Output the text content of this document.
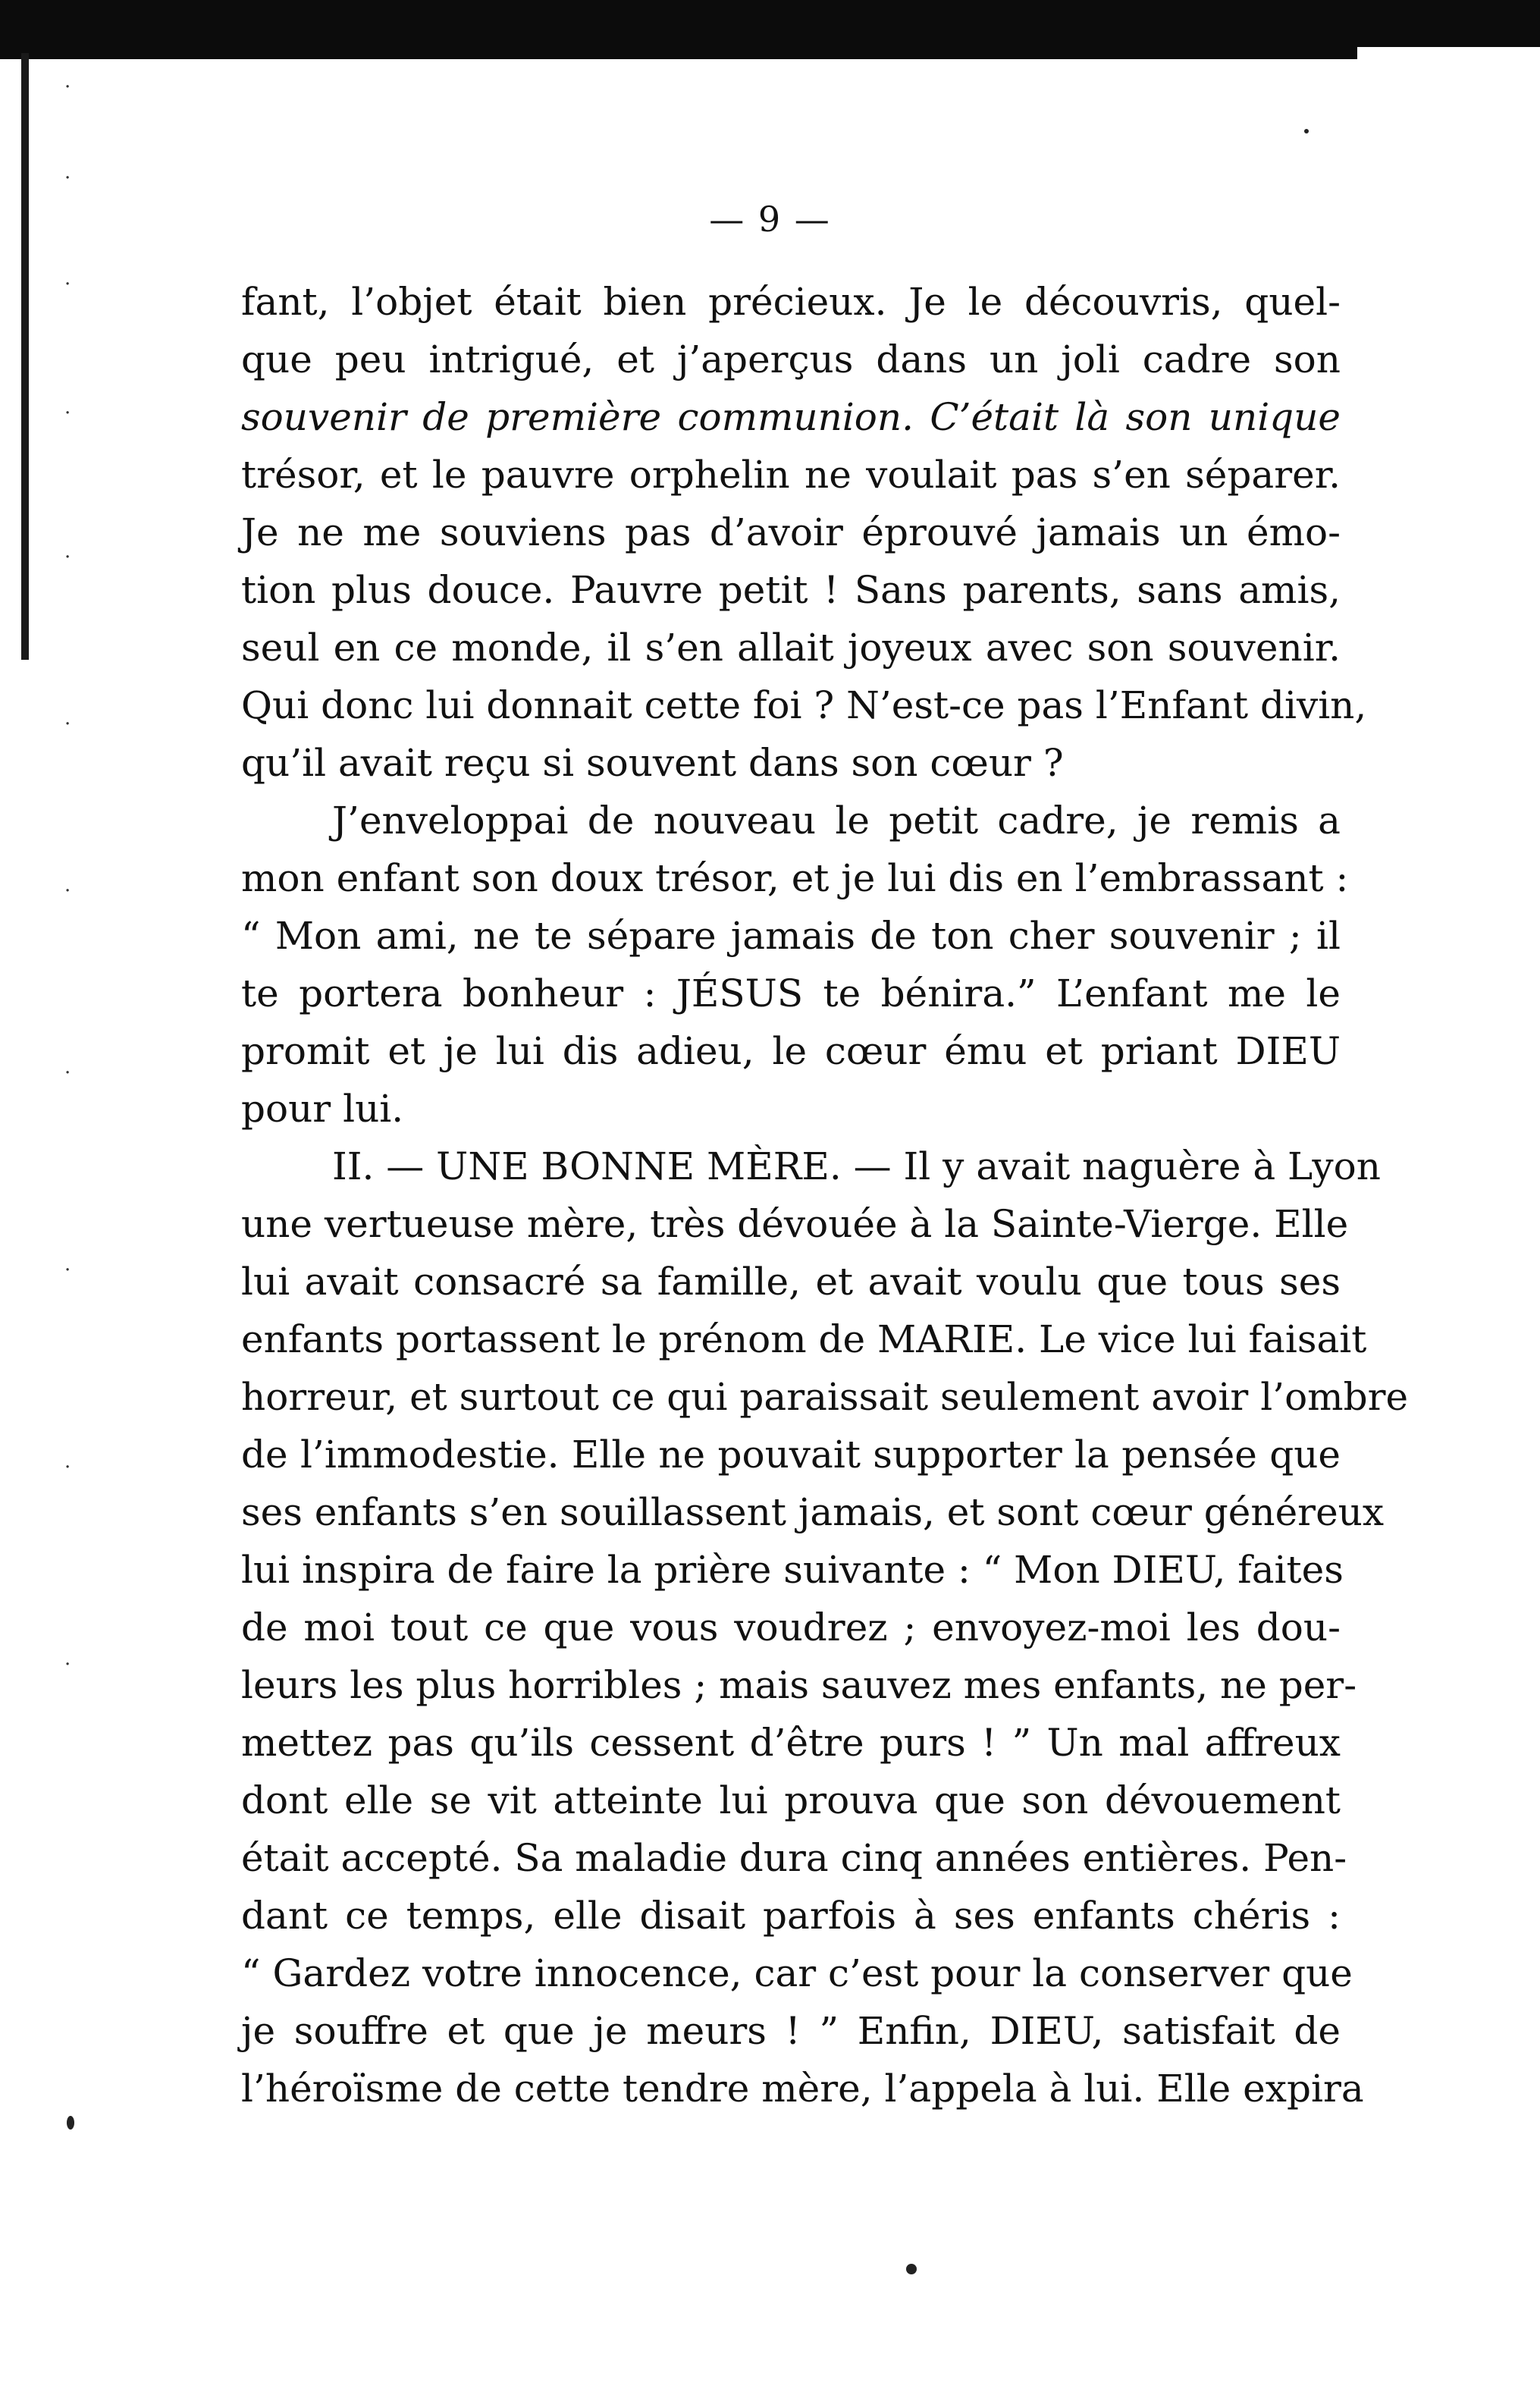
·
·
·
·
·
·
·
·
·
·
·
— 9 —
fant, l’objet était bien précieux. Je le découvris, quel-
que peu intrigué, et j’aperçus dans un joli cadre son
souvenir de première communion. C’était là son unique
trésor, et le pauvre orphelin ne voulait pas s’en séparer.
Je ne me souviens pas d’avoir éprouvé jamais un émo-
tion plus douce. Pauvre petit ! Sans parents, sans amis,
seul en ce monde, il s’en allait joyeux avec son souvenir.
Qui donc lui donnait cette foi ? N’est-ce pas l’Enfant divin,
qu’il avait reçu si souvent dans son cœur ?
J’enveloppai de nouveau le petit cadre, je remis a
mon enfant son doux trésor, et je lui dis en l’embrassant :
“ Mon ami, ne te sépare jamais de ton cher souvenir ; il
te portera bonheur : JÉSUS te bénira.” L’enfant me le
promit et je lui dis adieu, le cœur ému et priant DIEU
pour lui.
II. — UNE BONNE MÈRE. — Il y avait naguère à Lyon
une vertueuse mère, très dévouée à la Sainte-Vierge. Elle
lui avait consacré sa famille, et avait voulu que tous ses
enfants portassent le prénom de MARIE. Le vice lui faisait
horreur, et surtout ce qui paraissait seulement avoir l’ombre
de l’immodestie. Elle ne pouvait supporter la pensée que
ses enfants s’en souillassent jamais, et sont cœur généreux
lui inspira de faire la prière suivante : “ Mon DIEU, faites
de moi tout ce que vous voudrez ; envoyez-moi les dou-
leurs les plus horribles ; mais sauvez mes enfants, ne per-
mettez pas qu’ils cessent d’être purs ! ” Un mal affreux
dont elle se vit atteinte lui prouva que son dévouement
était accepté. Sa maladie dura cinq années entières. Pen-
dant ce temps, elle disait parfois à ses enfants chéris :
“ Gardez votre innocence, car c’est pour la conserver que
je souffre et que je meurs ! ” Enfin, DIEU, satisfait de
l’héroïsme de cette tendre mère, l’appela à lui. Elle expira
